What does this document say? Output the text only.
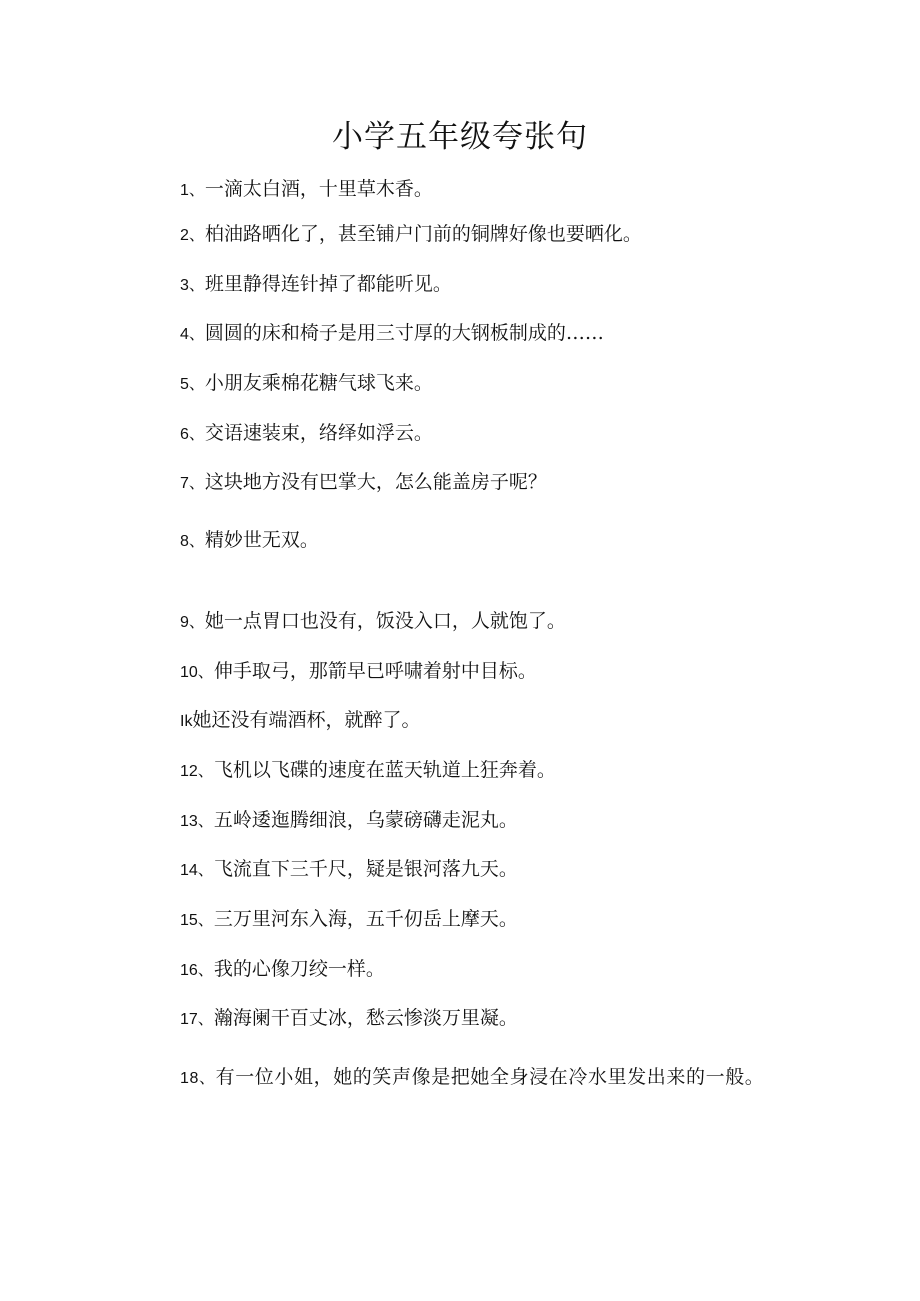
小学五年级夸张句
1、一滴太白酒，十里草木香。
2、柏油路晒化了，甚至铺户门前的铜牌好像也要晒化。
3、班里静得连针掉了都能听见。
4、圆圆的床和椅子是用三寸厚的大钢板制成的……
5、小朋友乘棉花糖气球飞来。
6、交语速装束，络绎如浮云。
7、这块地方没有巴掌大，怎么能盖房子呢？
8、精妙世无双。
9、她一点胃口也没有，饭没入口，人就饱了。
10、伸手取弓，那箭早已呼啸着射中目标。
Ik她还没有端酒杯，就醉了。
12、飞机以飞碟的速度在蓝天轨道上狂奔着。
13、五岭逶迤腾细浪，乌蒙磅礴走泥丸。
14、飞流直下三千尺，疑是银河落九天。
15、三万里河东入海，五千仞岳上摩天。
16、我的心像刀绞一样。
17、瀚海阑干百丈冰，愁云惨淡万里凝。
18、有一位小姐，她的笑声像是把她全身浸在冷水里发出来的一般。
